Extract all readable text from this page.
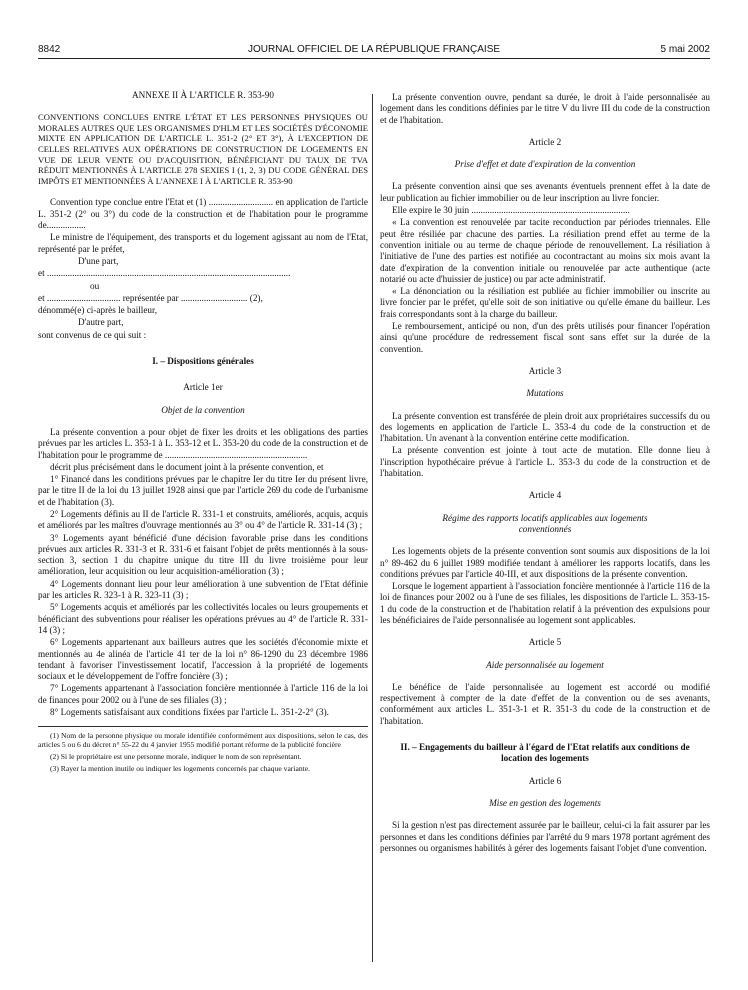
8842	JOURNAL OFFICIEL DE LA RÉPUBLIQUE FRANÇAISE	5 mai 2002

ANNEXE II À L'ARTICLE R. 353-90

CONVENTIONS CONCLUES ENTRE L'ÉTAT ET LES PERSONNES PHYSIQUES OU MORALES AUTRES QUE LES ORGANISMES D'HLM ET LES SOCIÉTÉS D'ÉCONOMIE MIXTE EN APPLICATION DE L'ARTICLE L. 351-2 (2° ET 3°), À L'EXCEPTION DE CELLES RELATIVES AUX OPÉRATIONS DE CONSTRUCTION DE LOGEMENTS EN VUE DE LEUR VENTE OU D'ACQUISITION, BÉNÉFICIANT DU TAUX DE TVA RÉDUIT MENTIONNÉS À L'ARTICLE 278 SEXIES I (1, 2, 3) DU CODE GÉNÉRAL DES IMPÔTS ET MENTIONNÉES À L'ANNEXE I À L'ARTICLE R. 353-90

Convention type conclue entre l'Etat et (1) ............................ en application de l'article L. 351-2 (2° ou 3°) du code de la construction et de l'habitation pour le programme de.................

Le ministre de l'équipement, des transports et du logement agissant au nom de l'Etat, représenté par le préfet,

D'une part,

et ..........................................................................................................

ou

et ................................ représentée par ............................. (2),

dénommé(e) ci-après le bailleur,

D'autre part,

sont convenus de ce qui suit :

I. – Dispositions générales

Article 1er

Objet de la convention

La présente convention a pour objet de fixer les droits et les obligations des parties prévues par les articles L. 353-1 à L. 353-12 et L. 353-20 du code de la construction et de l'habitation pour le programme de ..............................................................

décrit plus précisément dans le document joint à la présente convention, et

1° Financé dans les conditions prévues par le chapitre Ier du titre Ier du présent livre, par le titre II de la loi du 13 juillet 1928 ainsi que par l'article 269 du code de l'urbanisme et de l'habitation (3).

2° Logements définis au II de l'article R. 331-1 et construits, améliorés, acquis, acquis et améliorés par les maîtres d'ouvrage mentionnés au 3° ou 4° de l'article R. 331-14 (3) ;

3° Logements ayant bénéficié d'une décision favorable prise dans les conditions prévues aux articles R. 331-3 et R. 331-6 et faisant l'objet de prêts mentionnés à la sous-section 3, section 1 du chapitre unique du titre III du livre troisième pour leur amélioration, leur acquisition ou leur acquisition-amélioration (3) ;

4° Logements donnant lieu pour leur amélioration à une subvention de l'Etat définie par les articles R. 323-1 à R. 323-11 (3) ;

5° Logements acquis et améliorés par les collectivités locales ou leurs groupements et bénéficiant des subventions pour réaliser les opérations prévues au 4° de l'article R. 331-14 (3) ;

6° Logements appartenant aux bailleurs autres que les sociétés d'économie mixte et mentionnés au 4e alinéa de l'article 41 ter de la loi n° 86-1290 du 23 décembre 1986 tendant à favoriser l'investissement locatif, l'accession à la propriété de logements sociaux et le développement de l'offre foncière (3) ;

7° Logements appartenant à l'association foncière mentionnée à l'article 116 de la loi de finances pour 2002 ou à l'une de ses filiales (3) ;

8° Logements satisfaisant aux conditions fixées par l'article L. 351-2-2° (3).

(1) Nom de la personne physique ou morale identifiée conformément aux dispositions, selon le cas, des articles 5 ou 6 du décret n° 55-22 du 4 janvier 1955 modifié portant réforme de la publicité foncière

(2) Si le propriétaire est une personne morale, indiquer le nom de son représentant.

(3) Rayer la mention inutile ou indiquer les logements concernés par chaque variante.

La présente convention ouvre, pendant sa durée, le droit à l'aide personnalisée au logement dans les conditions définies par le titre V du livre III du code de la construction et de l'habitation.

Article 2

Prise d'effet et date d'expiration de la convention

La présente convention ainsi que ses avenants éventuels prennent effet à la date de leur publication au fichier immobilier ou de leur inscription au livre foncier.

Elle expire le 30 juin .....................................................................

« La convention est renouvelée par tacite reconduction par périodes triennales. Elle peut être résiliée par chacune des parties. La résiliation prend effet au terme de la convention initiale ou au terme de chaque période de renouvellement. La résiliation à l'initiative de l'une des parties est notifiée au cocontractant au moins six mois avant la date d'expiration de la convention initiale ou renouvelée par acte authentique (acte notarié ou acte d'huissier de justice) ou par acte administratif.

« La dénonciation ou la résiliation est publiée au fichier immobilier ou inscrite au livre foncier par le préfet, qu'elle soit de son initiative ou qu'elle émane du bailleur. Les frais correspondants sont à la charge du bailleur.

Le remboursement, anticipé ou non, d'un des prêts utilisés pour financer l'opération ainsi qu'une procédure de redressement fiscal sont sans effet sur la durée de la convention.

Article 3

Mutations

La présente convention est transférée de plein droit aux propriétaires successifs du ou des logements en application de l'article L. 353-4 du code de la construction et de l'habitation. Un avenant à la convention entérine cette modification.

La présente convention est jointe à tout acte de mutation. Elle donne lieu à l'inscription hypothécaire prévue à l'article L. 353-3 du code de la construction et de l'habitation.

Article 4

Régime des rapports locatifs applicables aux logements conventionnés

Les logements objets de la présente convention sont soumis aux dispositions de la loi n° 89-462 du 6 juillet 1989 modifiée tendant à améliorer les rapports locatifs, dans les conditions prévues par l'article 40-III, et aux dispositions de la présente convention.

Lorsque le logement appartient à l'association foncière mentionnée à l'article 116 de la loi de finances pour 2002 ou à l'une de ses filiales, les dispositions de l'article L. 353-15-1 du code de la construction et de l'habitation relatif à la prévention des expulsions pour les bénéficiaires de l'aide personnalisée au logement sont applicables.

Article 5

Aide personnalisée au logement

Le bénéfice de l'aide personnalisée au logement est accordé ou modifié respectivement à compter de la date d'effet de la convention ou de ses avenants, conformément aux articles L. 351-3-1 et R. 351-3 du code de la construction et de l'habitation.

II. – Engagements du bailleur à l'égard de l'Etat relatifs aux conditions de location des logements

Article 6

Mise en gestion des logements

Si la gestion n'est pas directement assurée par le bailleur, celui-ci la fait assurer par les personnes et dans les conditions définies par l'arrêté du 9 mars 1978 portant agrément des personnes ou organismes habilités à gérer des logements faisant l'objet d'une convention.
